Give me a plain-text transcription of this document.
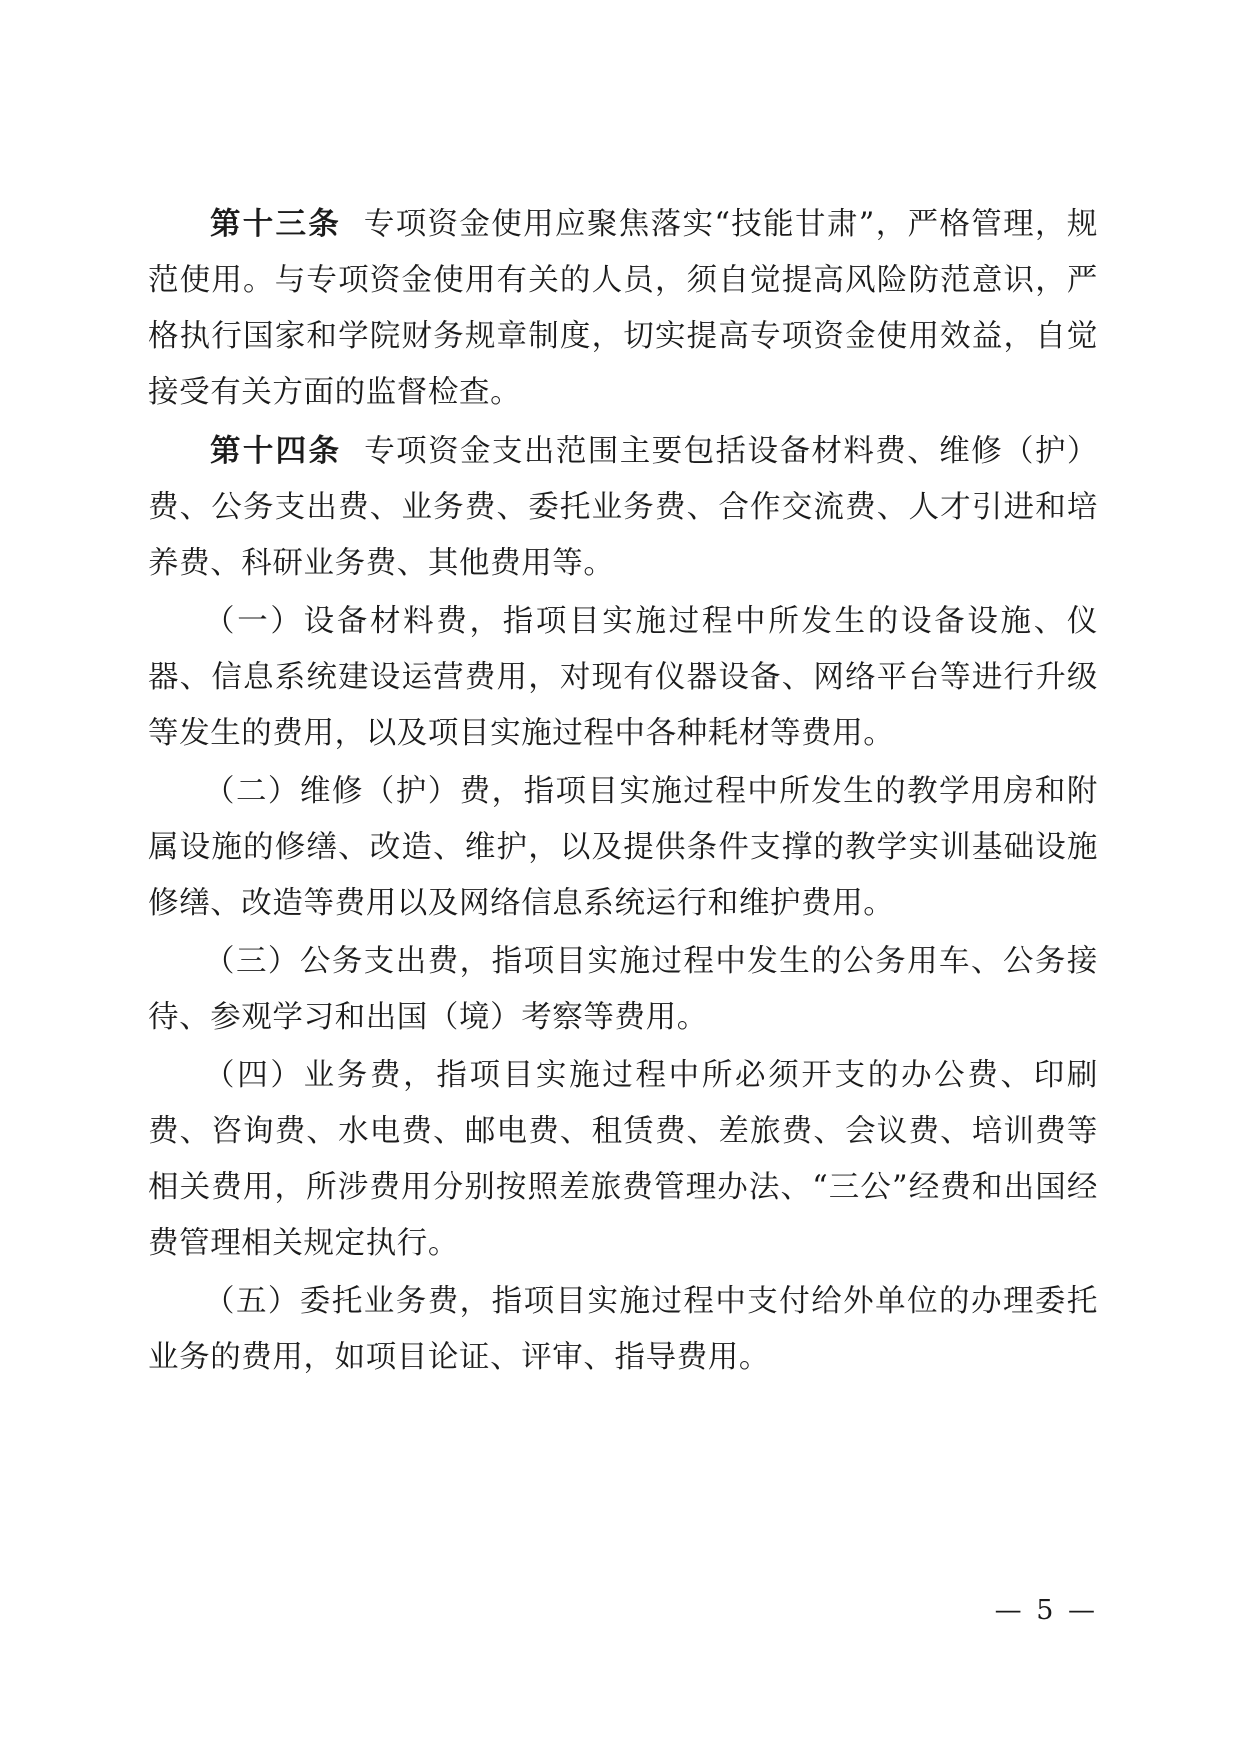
第十三条 专项资金使用应聚焦落实“技能甘肃”，严格管理，规范使用。与专项资金使用有关的人员，须自觉提高风险防范意识，严格执行国家和学院财务规章制度，切实提高专项资金使用效益，自觉接受有关方面的监督检查。

第十四条 专项资金支出范围主要包括设备材料费、维修（护）费、公务支出费、业务费、委托业务费、合作交流费、人才引进和培养费、科研业务费、其他费用等。

（一）设备材料费，指项目实施过程中所发生的设备设施、仪器、信息系统建设运营费用，对现有仪器设备、网络平台等进行升级等发生的费用，以及项目实施过程中各种耗材等费用。

（二）维修（护）费，指项目实施过程中所发生的教学用房和附属设施的修缮、改造、维护，以及提供条件支撑的教学实训基础设施修缮、改造等费用以及网络信息系统运行和维护费用。

（三）公务支出费，指项目实施过程中发生的公务用车、公务接待、参观学习和出国（境）考察等费用。

（四）业务费，指项目实施过程中所必须开支的办公费、印刷费、咨询费、水电费、邮电费、租赁费、差旅费、会议费、培训费等相关费用，所涉费用分别按照差旅费管理办法、“三公”经费和出国经费管理相关规定执行。

（五）委托业务费，指项目实施过程中支付给外单位的办理委托业务的费用，如项目论证、评审、指导费用。

— 5 —
